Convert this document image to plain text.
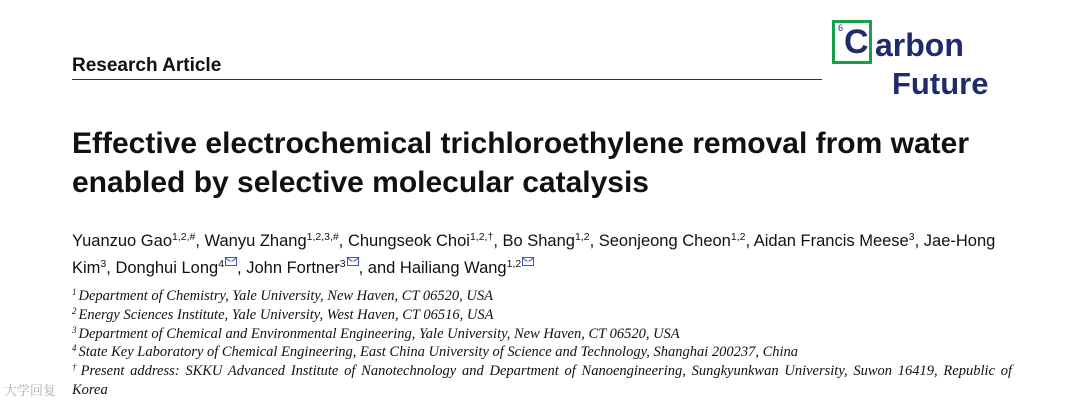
Research Article
6 C arbon
Future
Effective electrochemical trichloroethylene removal from water enabled by selective molecular catalysis
Yuanzuo Gao$^{1,2,\#}$, Wanyu Zhang$^{1,2,3,\#}$, Chungseok Choi$^{1,2,\dagger}$, Bo Shang$^{1,2}$, Seonjeong Cheon$^{1,2}$, Aidan Francis Meese$^3$, Jae-Hong Kim$^3$, Donghui Long$^4$ , John Fortner$^3$ , and Hailiang Wang$^{1,2}$
$^1$ Department of Chemistry, Yale University, New Haven, CT 06520, USA
$^2$ Energy Sciences Institute, Yale University, West Haven, CT 06516, USA
$^3$ Department of Chemical and Environmental Engineering, Yale University, New Haven, CT 06520, USA
$^4$ State Key Laboratory of Chemical Engineering, East China University of Science and Technology, Shanghai 200237, China
† Present address: SKKU Advanced Institute of Nanotechnology and Department of Nanoengineering, Sungkyunkwan University, Suwon 16419, Republic of Korea
大学回复
